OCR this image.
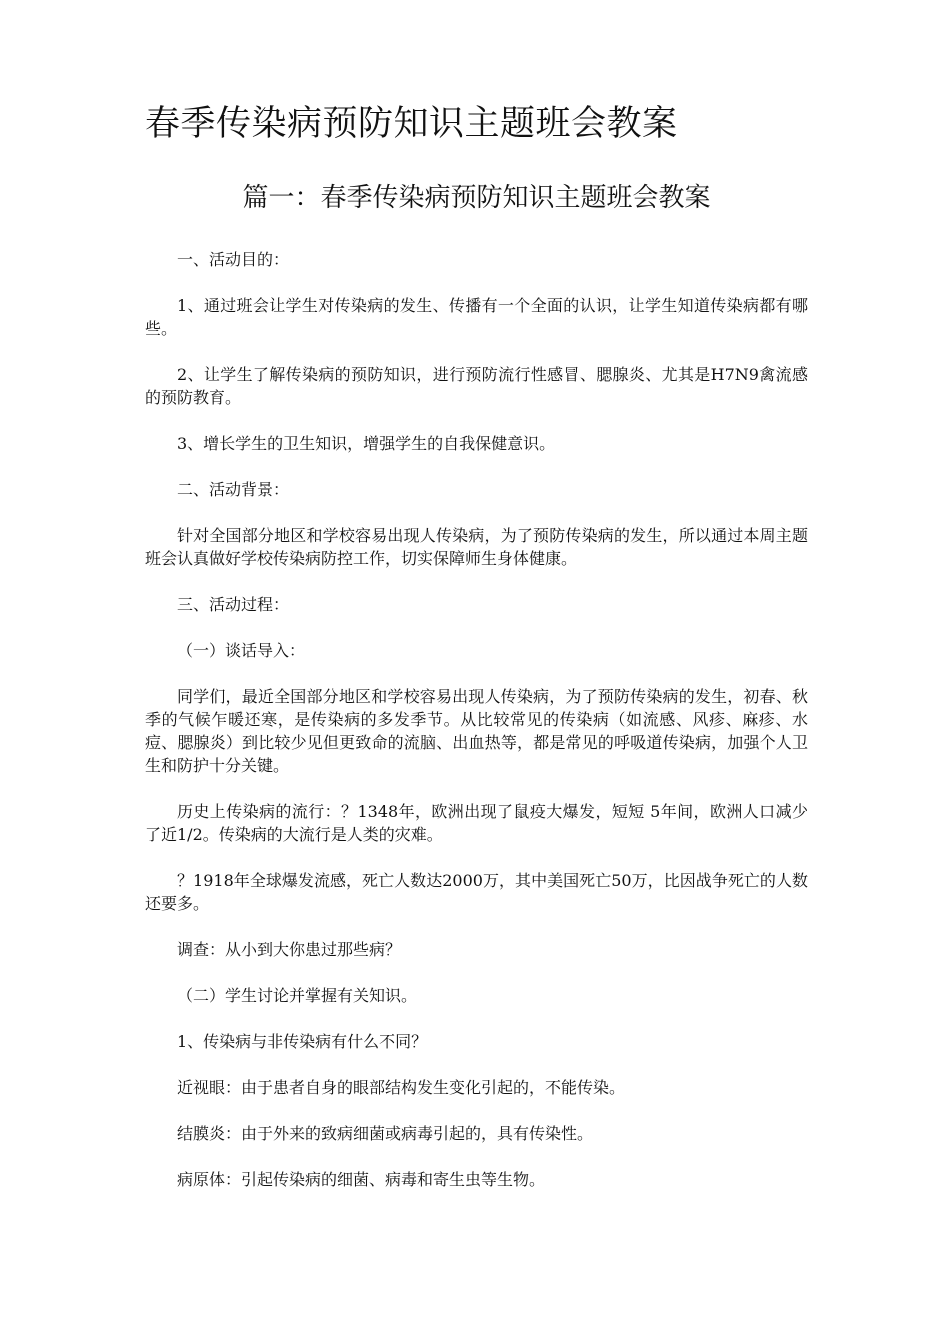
春季传染病预防知识主题班会教案
篇一：春季传染病预防知识主题班会教案

一、活动目的：

1、通过班会让学生对传染病的发生、传播有一个全面的认识，让学生知道传染病都有哪些。

2、让学生了解传染病的预防知识，进行预防流行性感冒、腮腺炎、尤其是H7N9禽流感的预防教育。

3、增长学生的卫生知识，增强学生的自我保健意识。

二、活动背景：

针对全国部分地区和学校容易出现人传染病，为了预防传染病的发生，所以通过本周主题班会认真做好学校传染病防控工作，切实保障师生身体健康。

三、活动过程：

（一）谈话导入：

同学们，最近全国部分地区和学校容易出现人传染病，为了预防传染病的发生，初春、秋季的气候乍暖还寒，是传染病的多发季节。从比较常见的传染病（如流感、风疹、麻疹、水痘、腮腺炎）到比较少见但更致命的流脑、出血热等，都是常见的呼吸道传染病，加强个人卫生和防护十分关键。

历史上传染病的流行：？1348年，欧洲出现了鼠疫大爆发，短短 5年间，欧洲人口减少了近1/2。传染病的大流行是人类的灾难。

？1918年全球爆发流感，死亡人数达2000万，其中美国死亡50万，比因战争死亡的人数还要多。

调查：从小到大你患过那些病？

（二）学生讨论并掌握有关知识。

1、传染病与非传染病有什么不同？

近视眼：由于患者自身的眼部结构发生变化引起的，不能传染。

结膜炎：由于外来的致病细菌或病毒引起的，具有传染性。

病原体：引起传染病的细菌、病毒和寄生虫等生物。
